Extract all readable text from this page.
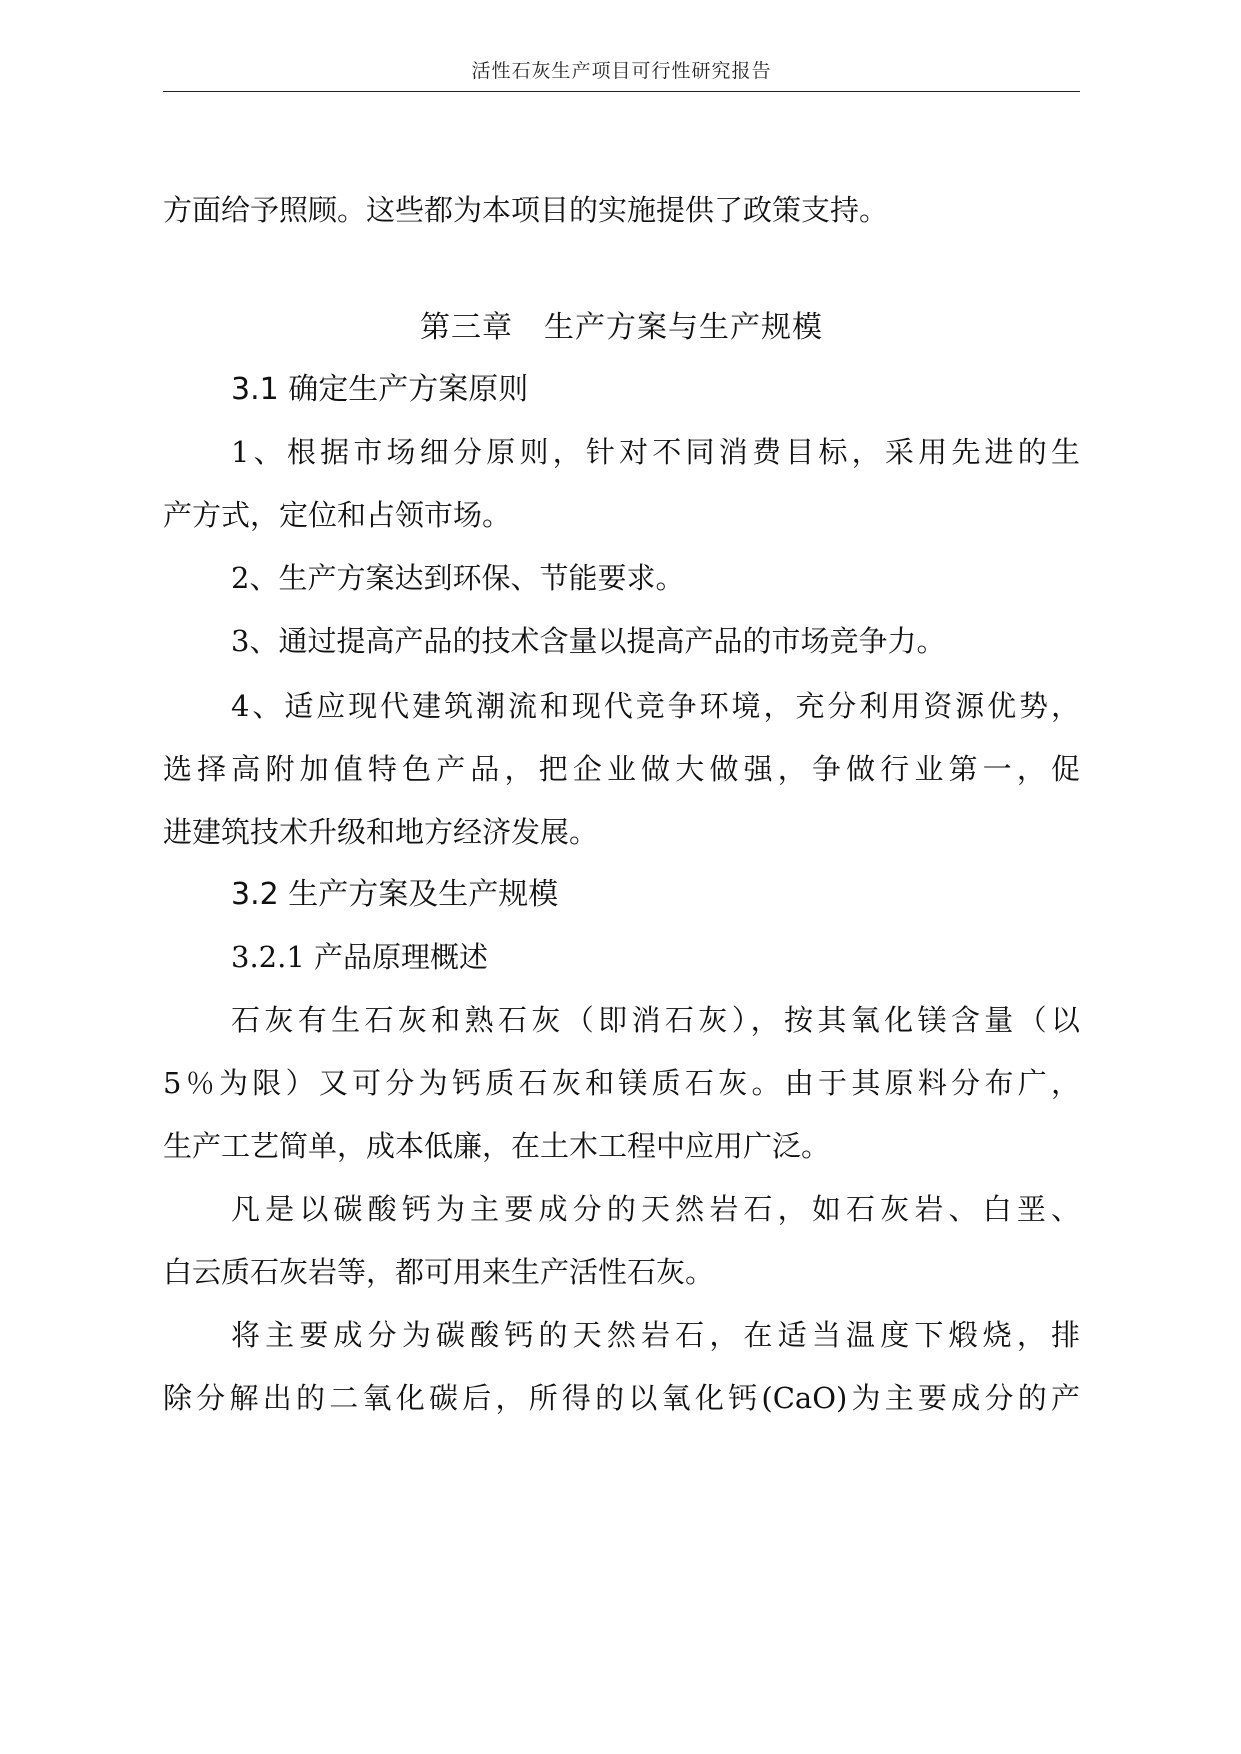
活性石灰生产项目可行性研究报告
方面给予照顾。这些都为本项目的实施提供了政策支持。
第三章　生产方案与生产规模
3.1 确定生产方案原则
1、根据市场细分原则，针对不同消费目标，采用先进的生
产方式，定位和占领市场。
2、生产方案达到环保、节能要求。
3、通过提高产品的技术含量以提高产品的市场竞争力。
4、适应现代建筑潮流和现代竞争环境，充分利用资源优势，
选择高附加值特色产品，把企业做大做强，争做行业第一，促
进建筑技术升级和地方经济发展。
3.2 生产方案及生产规模
3.2.1 产品原理概述
石灰有生石灰和熟石灰（即消石灰），按其氧化镁含量（以
5％为限）又可分为钙质石灰和镁质石灰。由于其原料分布广，
生产工艺简单，成本低廉，在土木工程中应用广泛。
凡是以碳酸钙为主要成分的天然岩石，如石灰岩、白垩、
白云质石灰岩等，都可用来生产活性石灰。
将主要成分为碳酸钙的天然岩石，在适当温度下煅烧，排
除分解出的二氧化碳后，所得的以氧化钙(CaO)为主要成分的产
